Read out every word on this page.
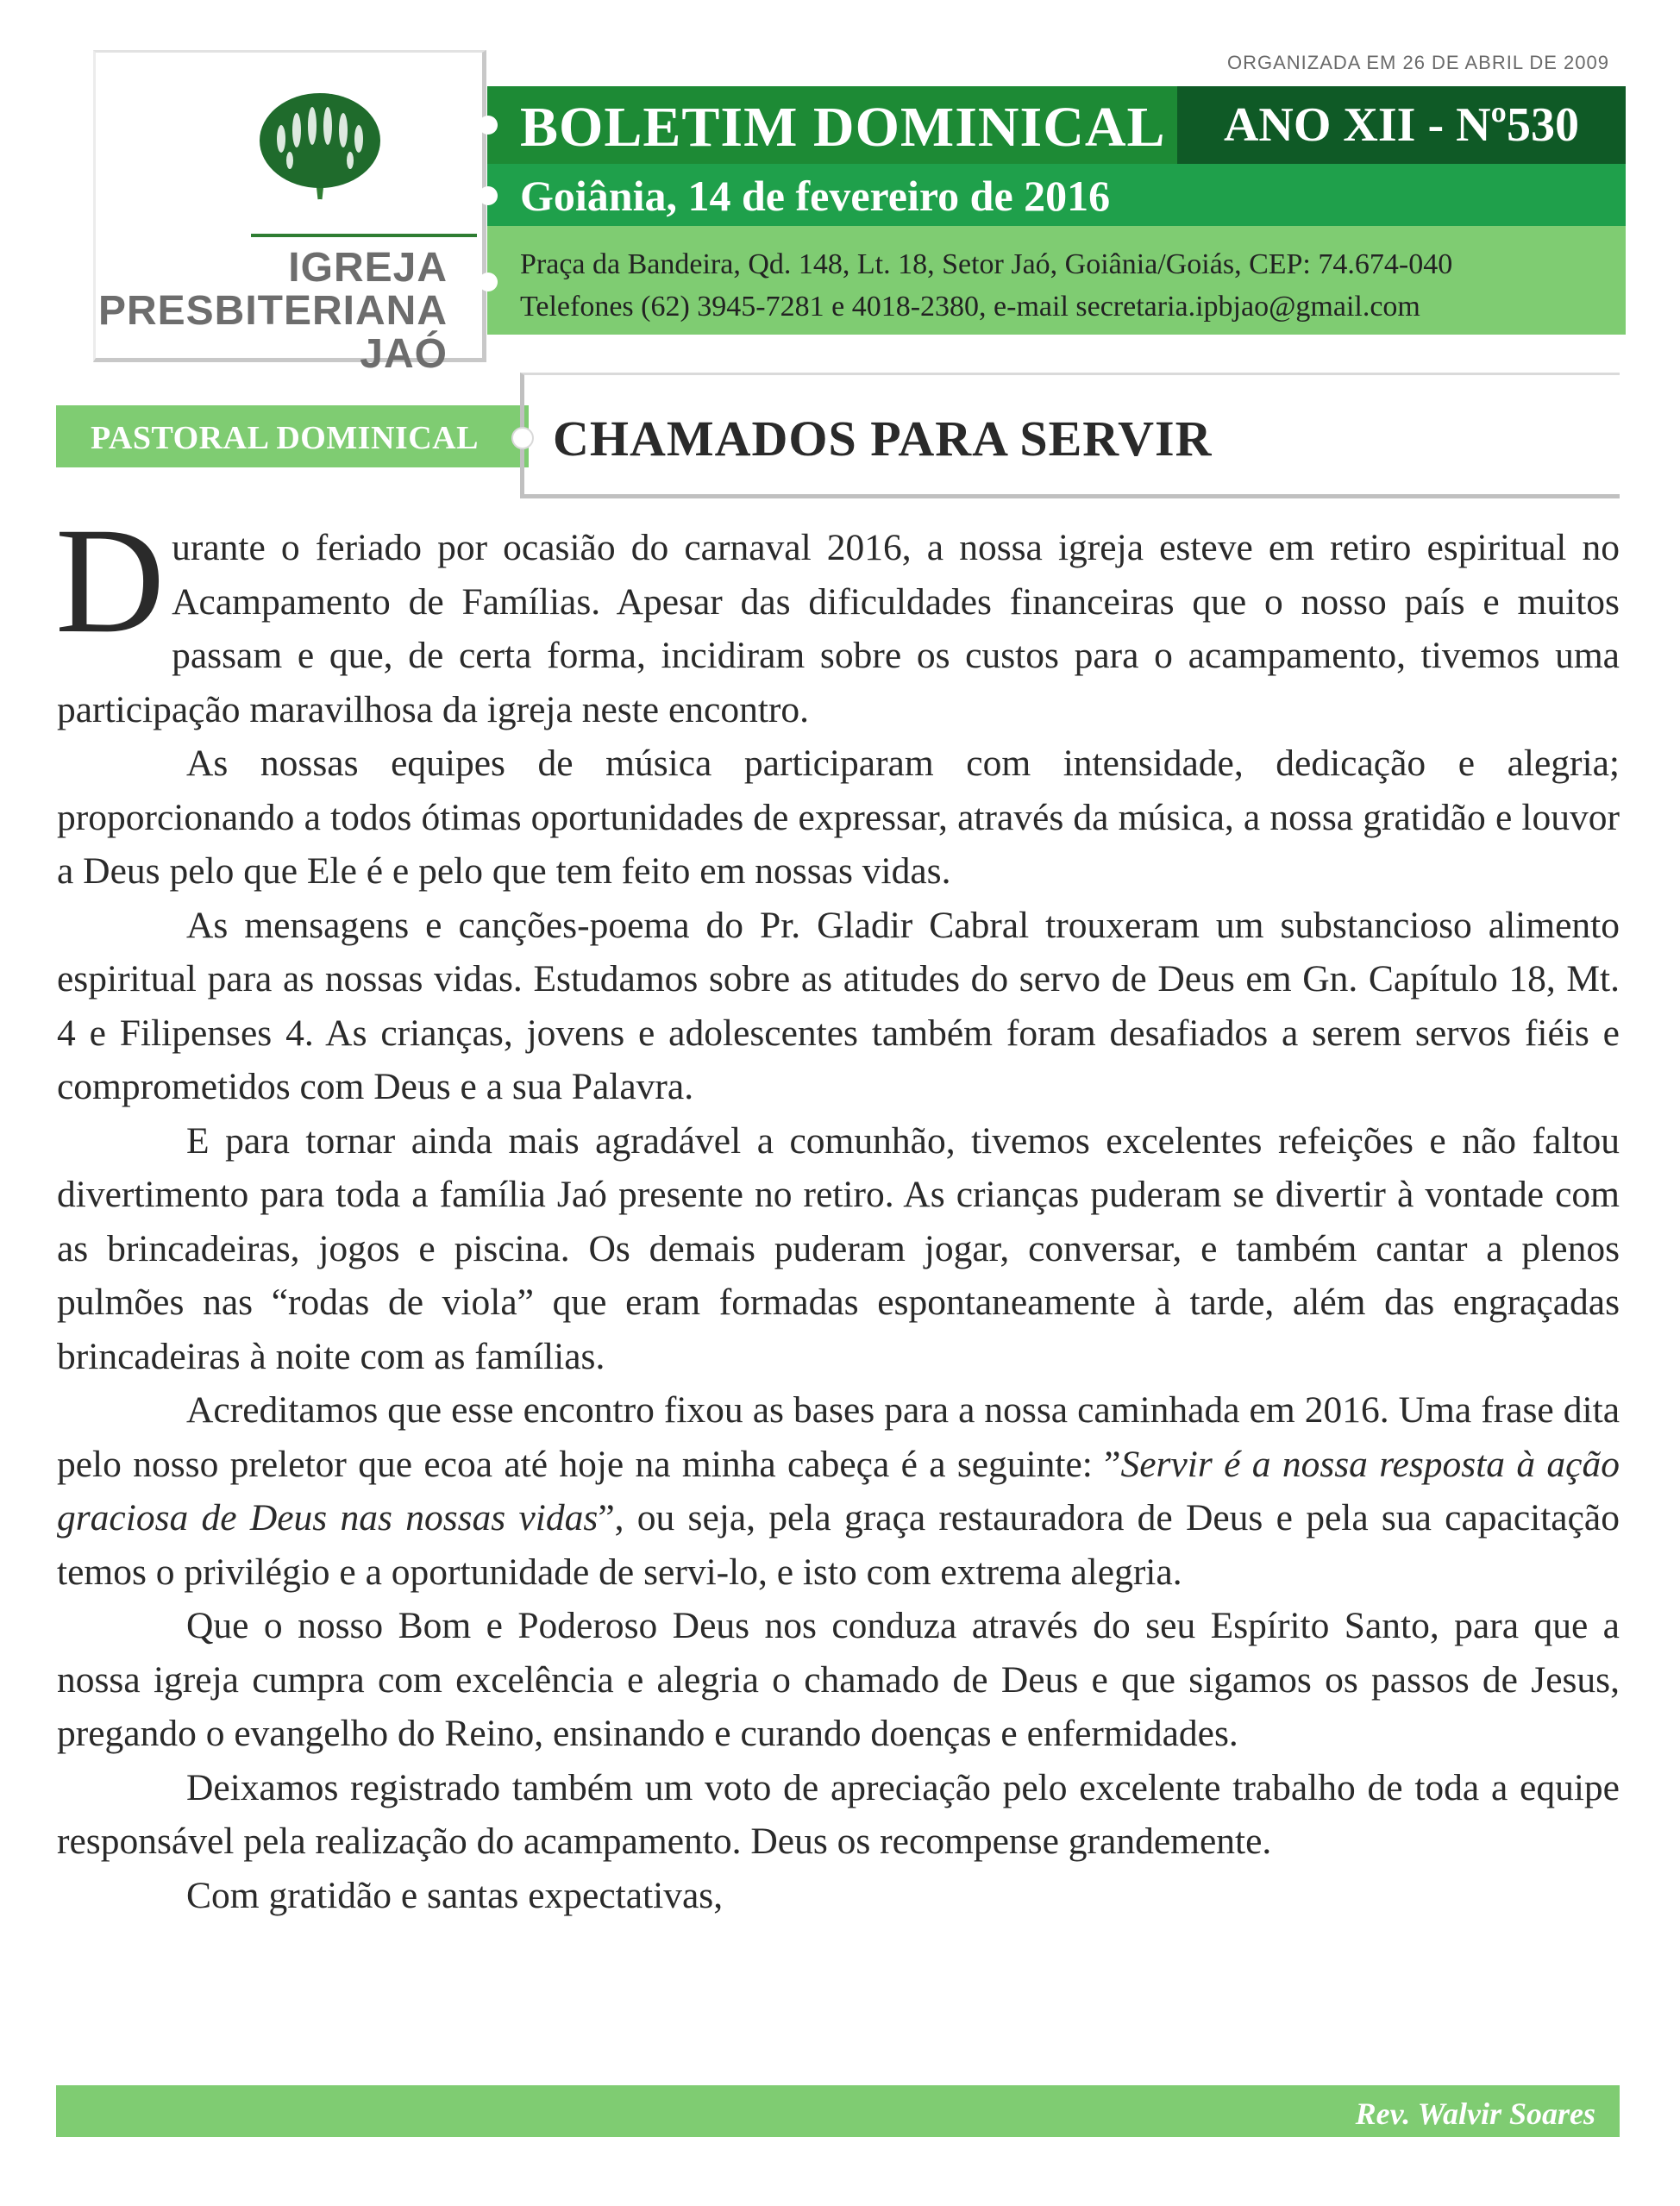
IGREJA
PRESBITERIANA
JAÓ
ORGANIZADA EM 26 DE ABRIL DE 2009
BOLETIM DOMINICAL	ANO XII - Nº530
Goiânia, 14 de fevereiro de 2016
Praça da Bandeira, Qd. 148, Lt. 18, Setor Jaó, Goiânia/Goiás, CEP: 74.674-040
Telefones (62) 3945-7281 e 4018-2380, e-mail secretaria.ipbjao@gmail.com
PASTORAL DOMINICAL CHAMADOS PARA SERVIR

Durante o feriado por ocasião do carnaval 2016, a nossa igreja esteve em retiro espiritual no Acampamento de Famílias. Apesar das dificuldades financeiras que o nosso país e muitos passam e que, de certa forma, incidiram sobre os custos para o acampamento, tivemos uma participação maravilhosa da igreja neste encontro.

As nossas equipes de música participaram com intensidade, dedicação e alegria; proporcionando a todos ótimas oportunidades de expressar, através da música, a nossa gratidão e louvor a Deus pelo que Ele é e pelo que tem feito em nossas vidas.

As mensagens e canções-poema do Pr. Gladir Cabral trouxeram um substancioso alimento espiritual para as nossas vidas. Estudamos sobre as atitudes do servo de Deus em Gn. Capítulo 18, Mt. 4 e Filipenses 4. As crianças, jovens e adolescentes também foram desafiados a serem servos fiéis e comprometidos com Deus e a sua Palavra.

E para tornar ainda mais agradável a comunhão, tivemos excelentes refeições e não faltou divertimento para toda a família Jaó presente no retiro. As crianças puderam se divertir à vontade com as brincadeiras, jogos e piscina. Os demais puderam jogar, conversar, e também cantar a plenos pulmões nas “rodas de viola” que eram formadas espontaneamente à tarde, além das engraçadas brincadeiras à noite com as famílias.

Acreditamos que esse encontro fixou as bases para a nossa caminhada em 2016. Uma frase dita pelo nosso preletor que ecoa até hoje na minha cabeça é a seguinte: ”Servir é a nossa resposta à ação graciosa de Deus nas nossas vidas”, ou seja, pela graça restauradora de Deus e pela sua capacitação temos o privilégio e a oportunidade de servi-lo, e isto com extrema alegria.

Que o nosso Bom e Poderoso Deus nos conduza através do seu Espírito Santo, para que a nossa igreja cumpra com excelência e alegria o chamado de Deus e que sigamos os passos de Jesus, pregando o evangelho do Reino, ensinando e curando doenças e enfermidades.

Deixamos registrado também um voto de apreciação pelo excelente trabalho de toda a equipe responsável pela realização do acampamento. Deus os recompense grandemente.

Com gratidão e santas expectativas,

Rev. Walvir Soares
